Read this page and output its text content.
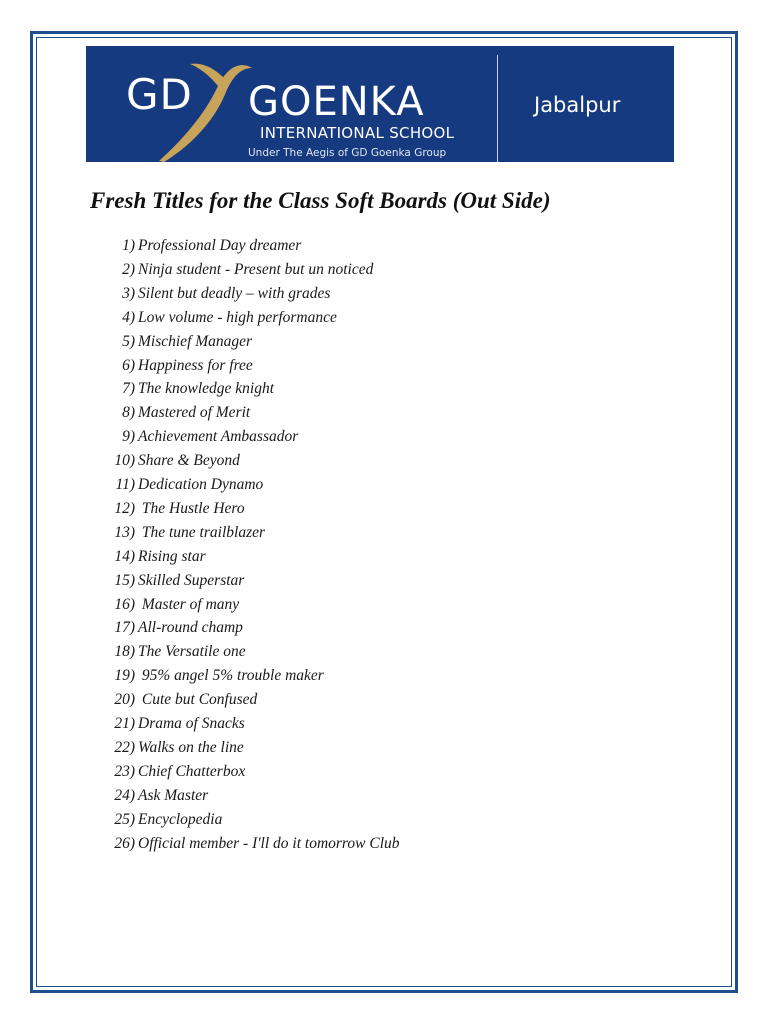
GD GOENKA
INTERNATIONAL SCHOOL
Under The Aegis of GD Goenka Group
Jabalpur
Fresh Titles for the Class Soft Boards (Out Side)
1) Professional Day dreamer
2) Ninja student - Present but un noticed
3) Silent but deadly – with grades
4) Low volume - high performance
5) Mischief Manager
6) Happiness for free
7) The knowledge knight
8) Mastered of Merit
9) Achievement Ambassador
10) Share & Beyond
11) Dedication Dynamo
12) The Hustle Hero
13) The tune trailblazer
14) Rising star
15) Skilled Superstar
16) Master of many
17) All-round champ
18) The Versatile one
19) 95% angel 5% trouble maker
20) Cute but Confused
21) Drama of Snacks
22) Walks on the line
23) Chief Chatterbox
24) Ask Master
25) Encyclopedia
26) Official member - I'll do it tomorrow Club
